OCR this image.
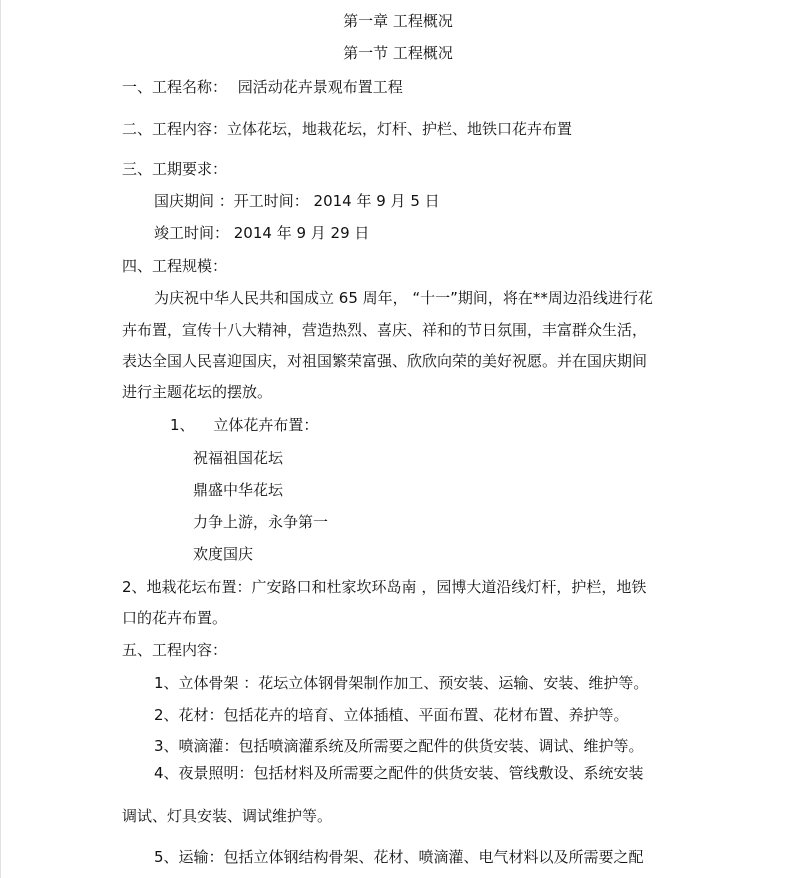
第一章 工程概况
第一节 工程概况
一、工程名称： 园活动花卉景观布置工程
二、工程内容：立体花坛，地栽花坛，灯杆、护栏、地铁口花卉布置
三、工期要求：
国庆期间 ：开工时间： 2014 年 9 月 5 日
竣工时间： 2014 年 9 月 29 日
四、工程规模：
为庆祝中华人民共和国成立 65 周年， “十一”期间，将在**周边沿线进行花
卉布置，宣传十八大精神，营造热烈、喜庆、祥和的节日氛围，丰富群众生活，
表达全国人民喜迎国庆，对祖国繁荣富强、欣欣向荣的美好祝愿。并在国庆期间
进行主题花坛的摆放。
1、 立体花卉布置：
祝福祖国花坛
鼎盛中华花坛
力争上游，永争第一
欢度国庆
2、地栽花坛布置：广安路口和杜家坎环岛南 ，园博大道沿线灯杆，护栏，地铁
口的花卉布置。
五、工程内容：
1、立体骨架 ：花坛立体钢骨架制作加工、预安装、运输、安装、维护等。
2、花材：包括花卉的培育、立体插植、平面布置、花材布置、养护等。
3、喷滴灌：包括喷滴灌系统及所需要之配件的供货安装、调试、维护等。
4、夜景照明：包括材料及所需要之配件的供货安装、管线敷设、系统安装
调试、灯具安装、调试维护等。
5、运输：包括立体钢结构骨架、花材、喷滴灌、电气材料以及所需要之配
